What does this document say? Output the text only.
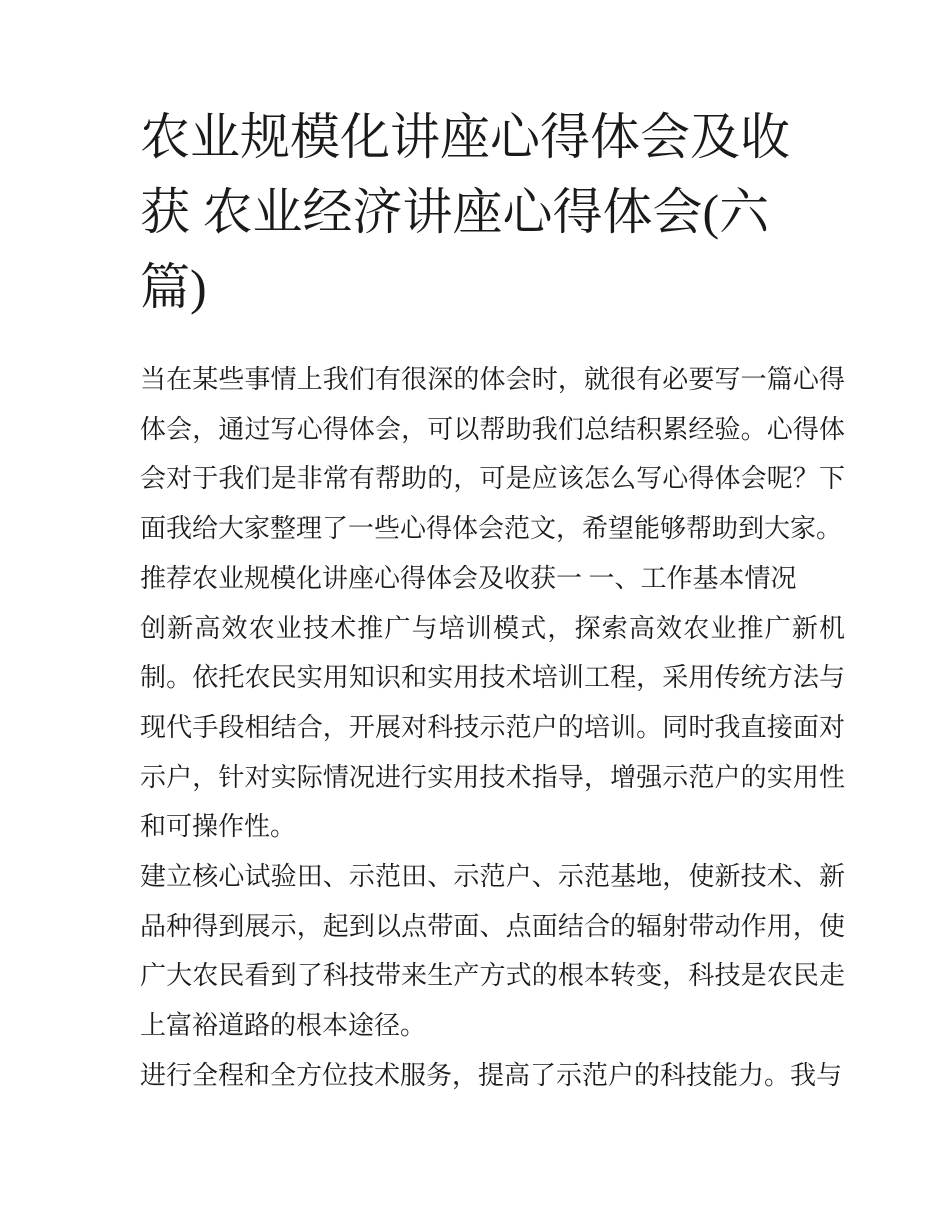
农业规模化讲座心得体会及收获 农业经济讲座心得体会(六篇)

当在某些事情上我们有很深的体会时，就很有必要写一篇心得体会，通过写心得体会，可以帮助我们总结积累经验。心得体会对于我们是非常有帮助的，可是应该怎么写心得体会呢？下面我给大家整理了一些心得体会范文，希望能够帮助到大家。

推荐农业规模化讲座心得体会及收获一 一、工作基本情况

创新高效农业技术推广与培训模式，探索高效农业推广新机制。依托农民实用知识和实用技术培训工程，采用传统方法与现代手段相结合，开展对科技示范户的培训。同时我直接面对示户，针对实际情况进行实用技术指导，增强示范户的实用性和可操作性。

建立核心试验田、示范田、示范户、示范基地，使新技术、新品种得到展示，起到以点带面、点面结合的辐射带动作用，使广大农民看到了科技带来生产方式的根本转变，科技是农民走上富裕道路的根本途径。

进行全程和全方位技术服务，提高了示范户的科技能力。我与
